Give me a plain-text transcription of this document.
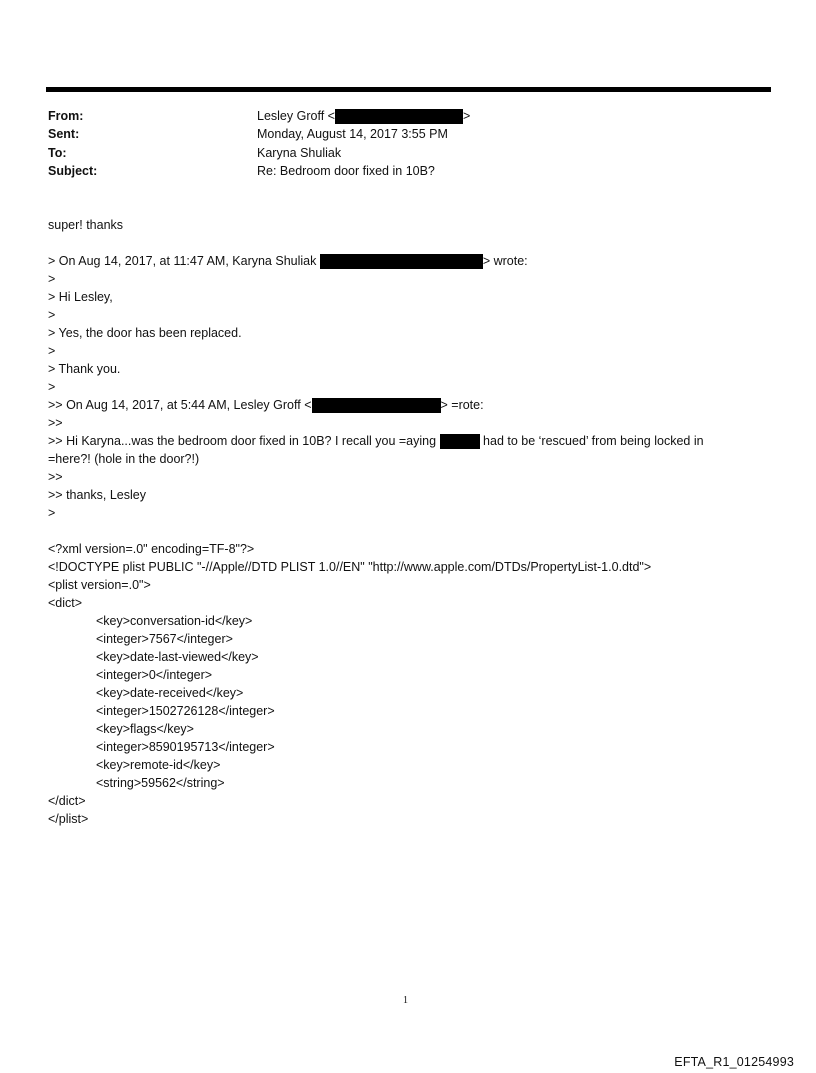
From:	Lesley Groff <	>
Sent:	Monday, August 14, 2017 3:55 PM
To:	Karyna Shuliak
Subject:	Re: Bedroom door fixed in 10B?
super! thanks
> On Aug 14, 2017, at 11:47 AM, Karyna Shuliak	> wrote:
>
> Hi Lesley,
>
> Yes, the door has been replaced.
>
> Thank you.
>
>> On Aug 14, 2017, at 5:44 AM, Lesley Groff <	> =rote:
>>
>> Hi Karyna...was the bedroom door fixed in 10B? I recall you =aying	had to be ‘rescued’ from being locked in
=here?! (hole in the door?!)
>>
>> thanks, Lesley
>
<?xml version=.0" encoding=TF-8"?>
<!DOCTYPE plist PUBLIC "-//Apple//DTD PLIST 1.0//EN" "http://www.apple.com/DTDs/PropertyList-1.0.dtd">
<plist version=.0">
<dict>
<key>conversation-id</key>
<integer>7567</integer>
<key>date-last-viewed</key>
<integer>0</integer>
<key>date-received</key>
<integer>1502726128</integer>
<key>flags</key>
<integer>8590195713</integer>
<key>remote-id</key>
<string>59562</string>
</dict>
</plist>
1
EFTA_R1_01254993
